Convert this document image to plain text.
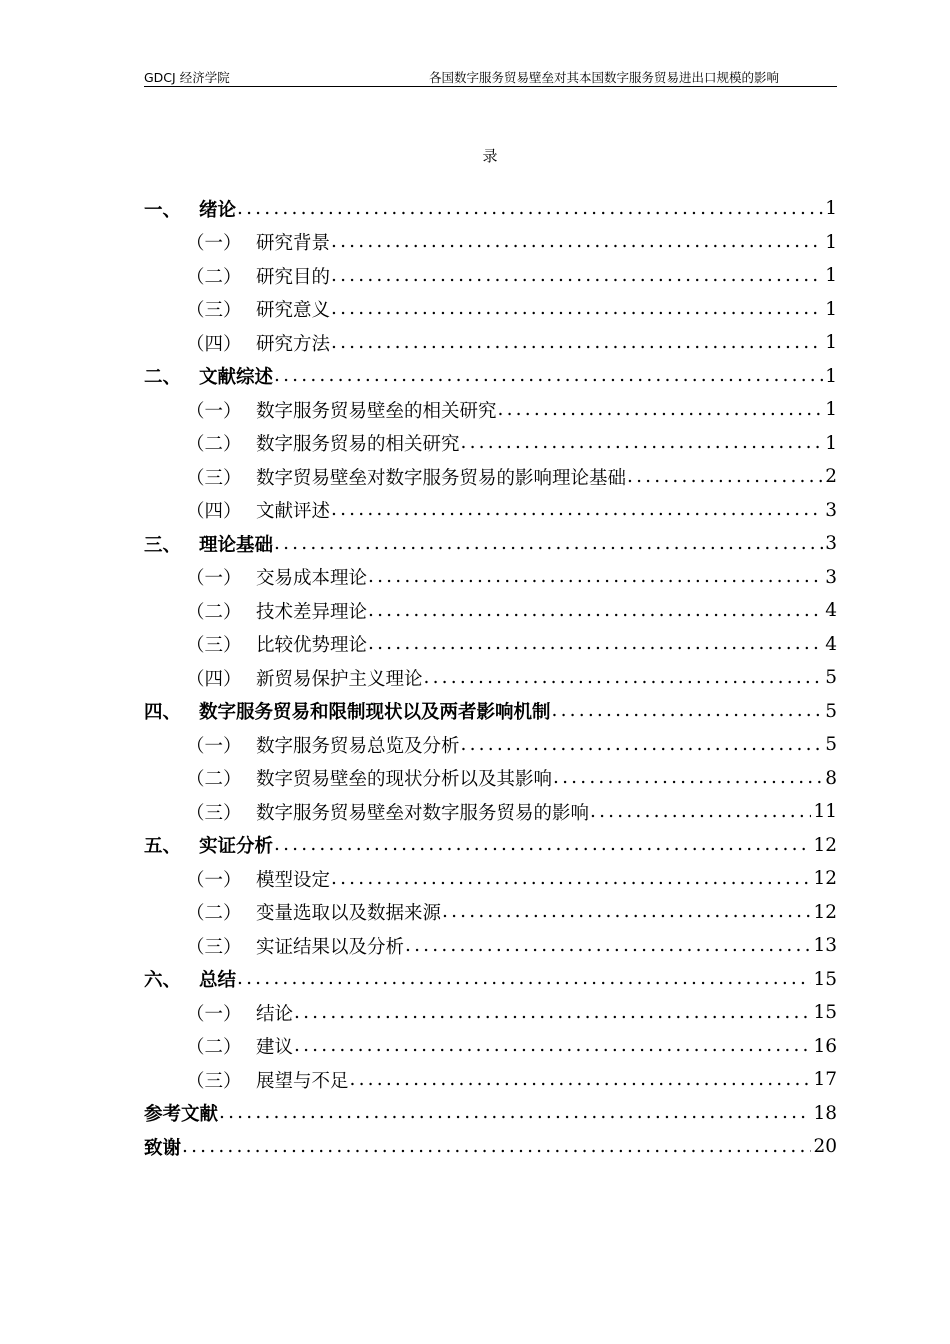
GDCJ 经济学院	各国数字服务贸易壁垒对其本国数字服务贸易进出口规模的影响
录
一、 绪论 .....	1
（一） 研究背景 .....	1
（二） 研究目的 .....	1
（三） 研究意义 .....	1
（四） 研究方法 .....	1
二、 文献综述 .....	1
（一） 数字服务贸易壁垒的相关研究 .....	1
（二） 数字服务贸易的相关研究 .....	1
（三） 数字贸易壁垒对数字服务贸易的影响理论基础 .....	2
（四） 文献评述 .....	3
三、 理论基础 .....	3
（一） 交易成本理论 .....	3
（二） 技术差异理论 .....	4
（三） 比较优势理论 .....	4
（四） 新贸易保护主义理论 .....	5
四、 数字服务贸易和限制现状以及两者影响机制 .....	5
（一） 数字服务贸易总览及分析 .....	5
（二） 数字贸易壁垒的现状分析以及其影响 .....	8
（三） 数字服务贸易壁垒对数字服务贸易的影响 .....	11
五、 实证分析 .....	12
（一） 模型设定 .....	12
（二） 变量选取以及数据来源 .....	12
（三） 实证结果以及分析 .....	13
六、 总结 .....	15
（一） 结论 .....	15
（二） 建议 .....	16
（三） 展望与不足 .....	17
参考文献 .....	18
致谢 .....	20
